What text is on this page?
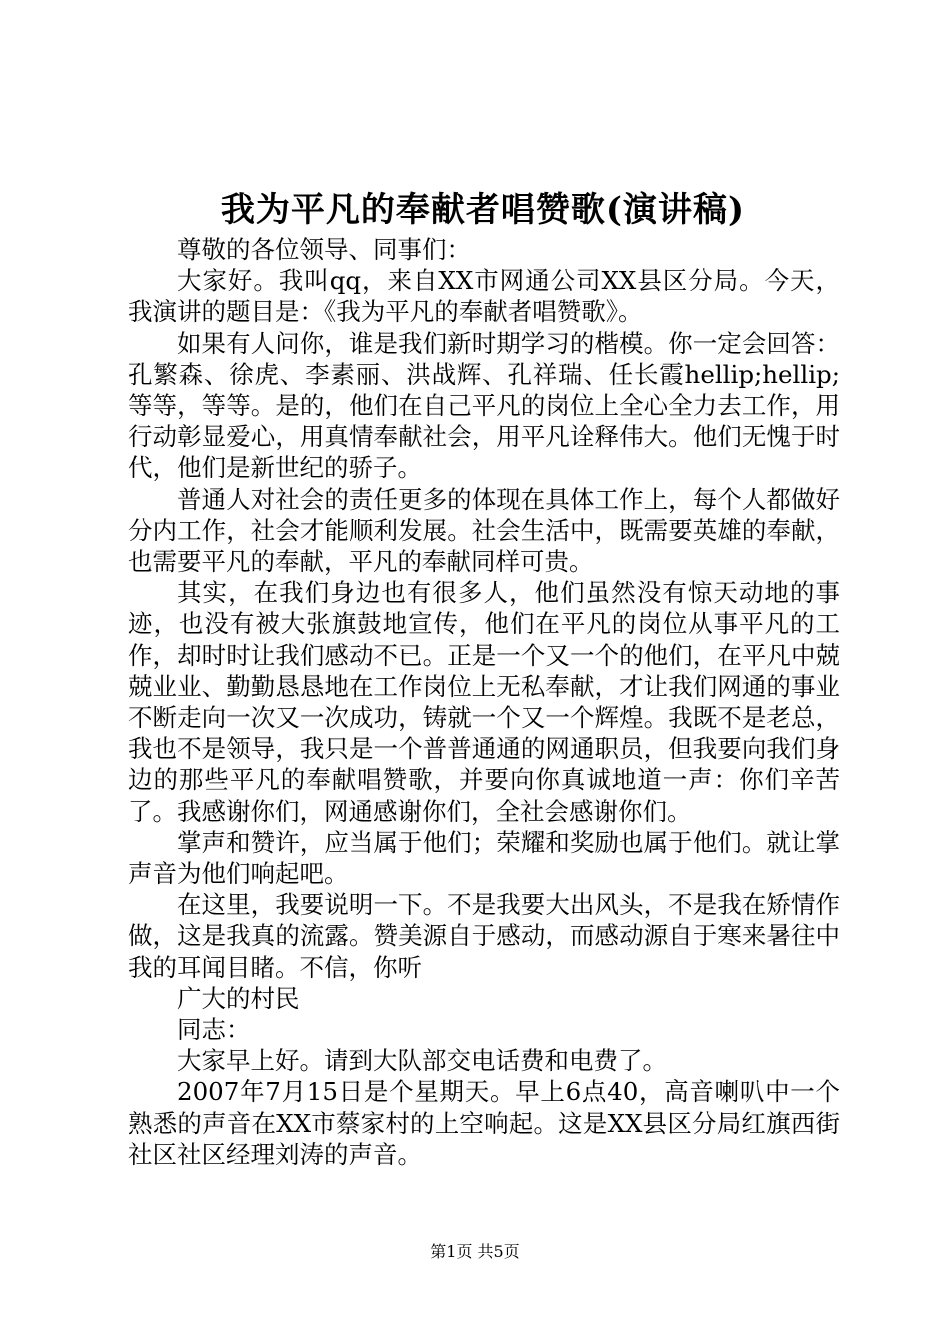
我为平凡的奉献者唱赞歌(演讲稿)

尊敬的各位领导、同事们：

大家好。我叫qq，来自XX市网通公司XX县区分局。今天，我演讲的题目是：《我为平凡的奉献者唱赞歌》。

如果有人问你，谁是我们新时期学习的楷模。你一定会回答：孔繁森、徐虎、李素丽、洪战辉、孔祥瑞、任长霞hellip;hellip;等等，等等。是的，他们在自己平凡的岗位上全心全力去工作，用行动彰显爱心，用真情奉献社会，用平凡诠释伟大。他们无愧于时代，他们是新世纪的骄子。

普通人对社会的责任更多的体现在具体工作上，每个人都做好分内工作，社会才能顺利发展。社会生活中，既需要英雄的奉献，也需要平凡的奉献，平凡的奉献同样可贵。

其实，在我们身边也有很多人，他们虽然没有惊天动地的事迹，也没有被大张旗鼓地宣传，他们在平凡的岗位从事平凡的工作，却时时让我们感动不已。正是一个又一个的他们，在平凡中兢兢业业、勤勤恳恳地在工作岗位上无私奉献，才让我们网通的事业不断走向一次又一次成功，铸就一个又一个辉煌。我既不是老总，我也不是领导，我只是一个普普通通的网通职员，但我要向我们身边的那些平凡的奉献唱赞歌，并要向你真诚地道一声：你们辛苦了。我感谢你们，网通感谢你们，全社会感谢你们。

掌声和赞许，应当属于他们；荣耀和奖励也属于他们。就让掌声音为他们响起吧。

在这里，我要说明一下。不是我要大出风头，不是我在矫情作做，这是我真的流露。赞美源自于感动，而感动源自于寒来暑往中我的耳闻目睹。不信，你听

广大的村民

同志：

大家早上好。请到大队部交电话费和电费了。

2007年7月15日是个星期天。早上6点40，高音喇叭中一个熟悉的声音在XX市蔡家村的上空响起。这是XX县区分局红旗西街社区社区经理刘涛的声音。

第1页 共5页
